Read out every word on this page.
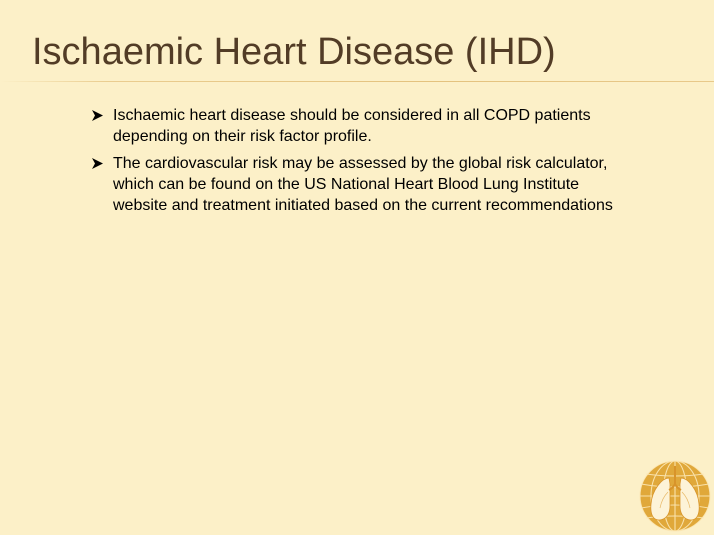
Ischaemic Heart Disease (IHD)
Ischaemic heart disease should be considered in all COPD patients depending on their risk factor profile.
The cardiovascular risk may be assessed by the global risk calculator, which can be found on the US National Heart Blood Lung Institute website and treatment initiated based on the current recommendations
